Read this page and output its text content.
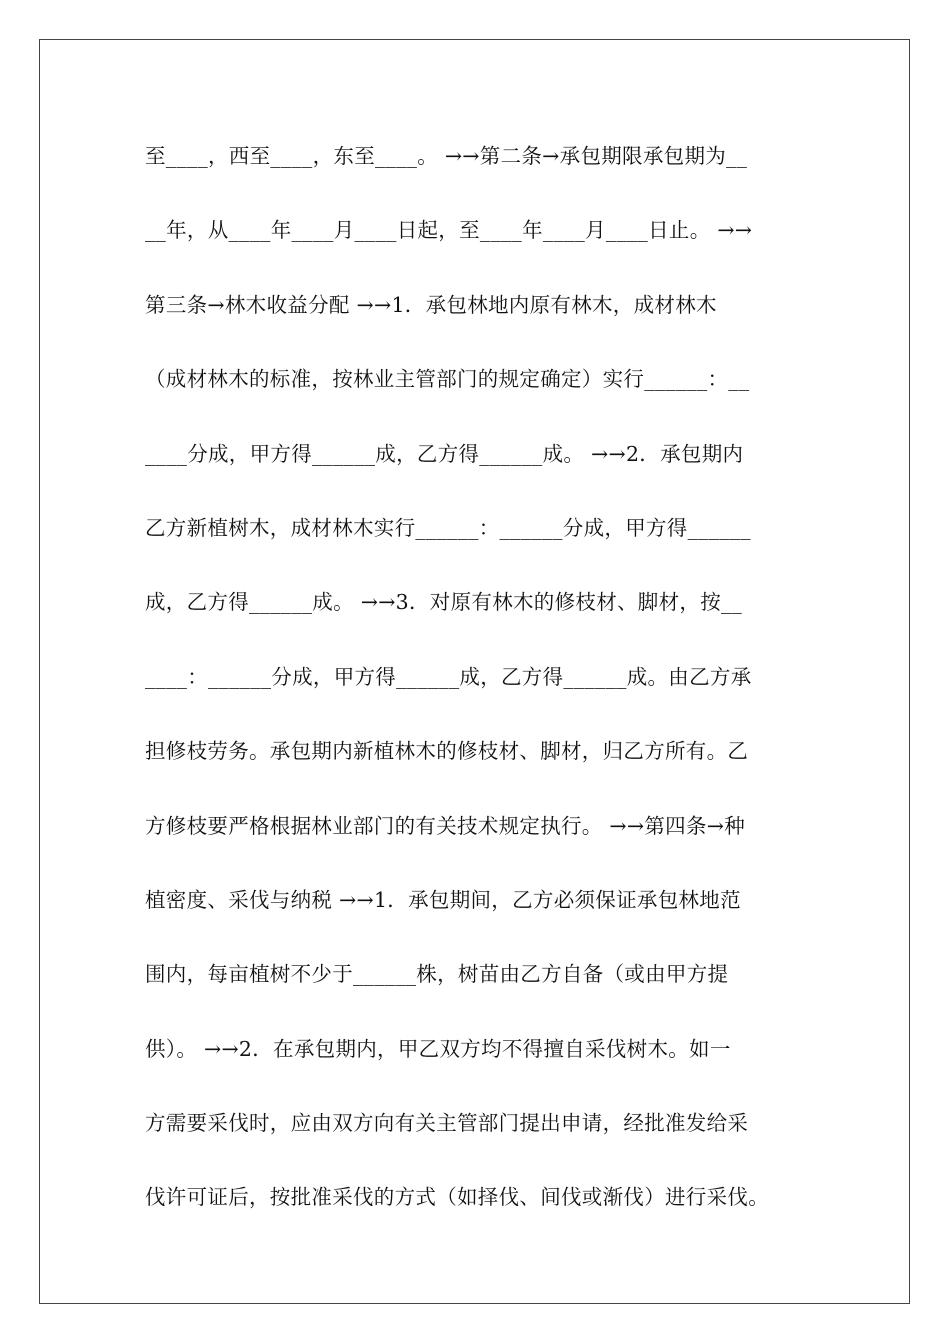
至____，西至____，东至____。 →→第二条→承包期限承包期为__
__年，从____年____月____日起，至____年____月____日止。 →→
第三条→林木收益分配 →→1．承包林地内原有林木，成材林木
（成材林木的标准，按林业主管部门的规定确定）实行______：__
____分成，甲方得______成，乙方得______成。 →→2．承包期内
乙方新植树木，成材林木实行______：______分成，甲方得______
成，乙方得______成。 →→3．对原有林木的修枝材、脚材，按__
____：______分成，甲方得______成，乙方得______成。由乙方承
担修枝劳务。承包期内新植林木的修枝材、脚材，归乙方所有。乙
方修枝要严格根据林业部门的有关技术规定执行。 →→第四条→种
植密度、采伐与纳税 →→1．承包期间，乙方必须保证承包林地范
围内，每亩植树不少于______株，树苗由乙方自备（或由甲方提
供）。 →→2．在承包期内，甲乙双方均不得擅自采伐树木。如一
方需要采伐时，应由双方向有关主管部门提出申请，经批准发给采
伐许可证后，按批准采伐的方式（如择伐、间伐或渐伐）进行采伐。
